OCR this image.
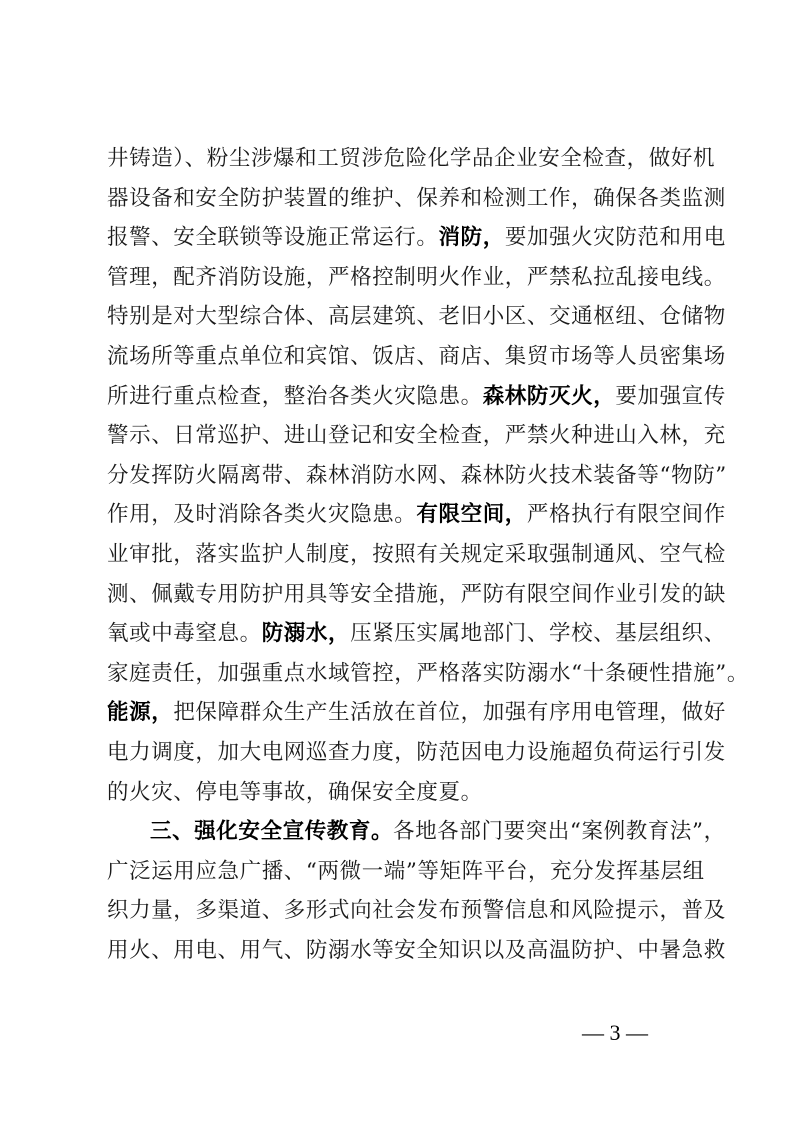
井铸造）、粉尘涉爆和工贸涉危险化学品企业安全检查，做好机
器设备和安全防护装置的维护、保养和检测工作，确保各类监测
报警、安全联锁等设施正常运行。消防，要加强火灾防范和用电
管理，配齐消防设施，严格控制明火作业，严禁私拉乱接电线。
特别是对大型综合体、高层建筑、老旧小区、交通枢纽、仓储物
流场所等重点单位和宾馆、饭店、商店、集贸市场等人员密集场
所进行重点检查，整治各类火灾隐患。森林防灭火，要加强宣传
警示、日常巡护、进山登记和安全检查，严禁火种进山入林，充
分发挥防火隔离带、森林消防水网、森林防火技术装备等“物防”
作用，及时消除各类火灾隐患。有限空间，严格执行有限空间作
业审批，落实监护人制度，按照有关规定采取强制通风、空气检
测、佩戴专用防护用具等安全措施，严防有限空间作业引发的缺
氧或中毒窒息。防溺水，压紧压实属地部门、学校、基层组织、
家庭责任，加强重点水域管控，严格落实防溺水“十条硬性措施”。
能源，把保障群众生产生活放在首位，加强有序用电管理，做好
电力调度，加大电网巡查力度，防范因电力设施超负荷运行引发
的火灾、停电等事故，确保安全度夏。
三、强化安全宣传教育。各地各部门要突出“案例教育法”，
广泛运用应急广播、“两微一端”等矩阵平台，充分发挥基层组
织力量，多渠道、多形式向社会发布预警信息和风险提示，普及
用火、用电、用气、防溺水等安全知识以及高温防护、中暑急救
— 3 —
